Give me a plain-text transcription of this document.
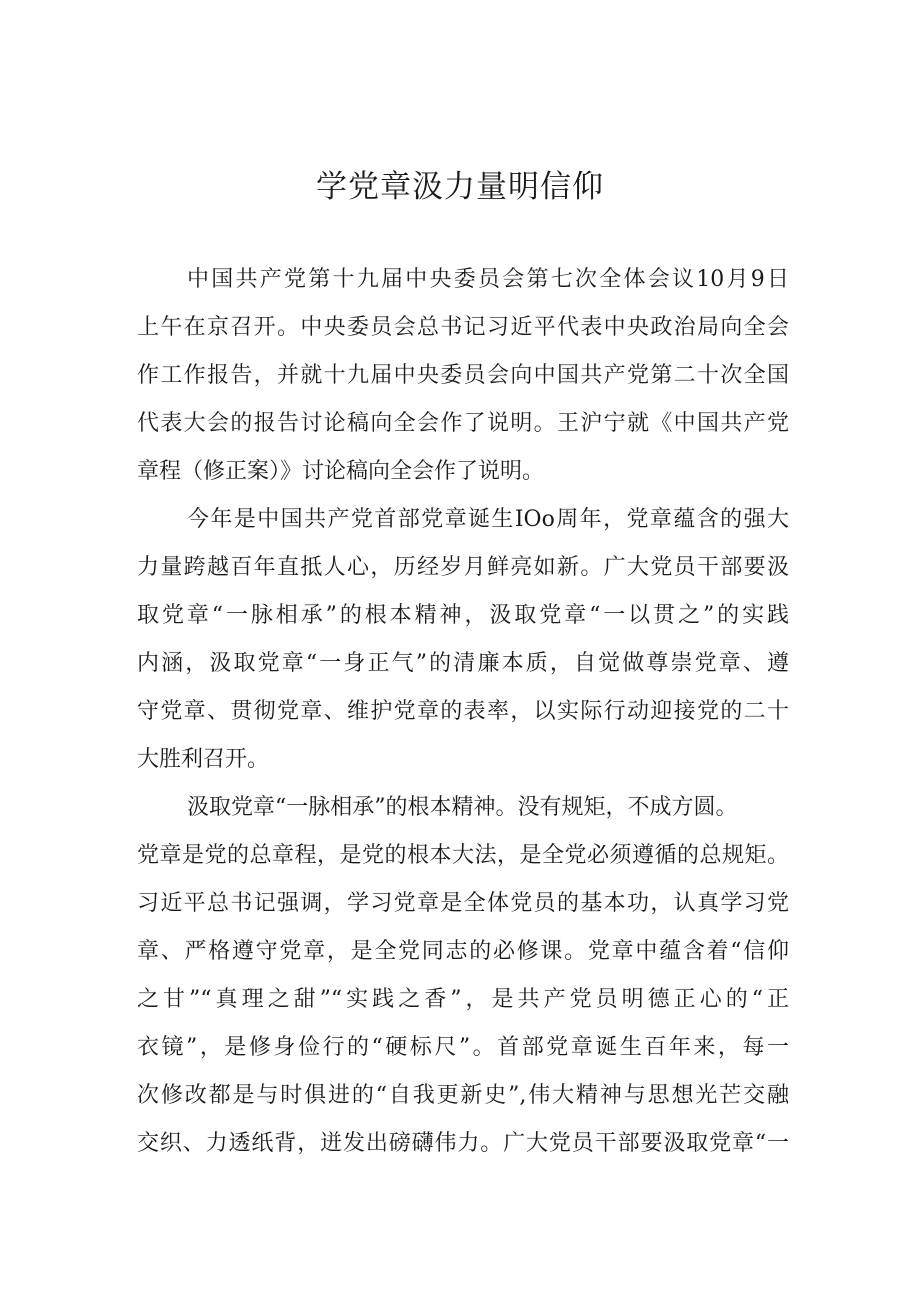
学党章汲力量明信仰
中国共产党第十九届中央委员会第七次全体会议10月9日
上午在京召开。中央委员会总书记习近平代表中央政治局向全会
作工作报告，并就十九届中央委员会向中国共产党第二十次全国
代表大会的报告讨论稿向全会作了说明。王沪宁就《中国共产党
章程（修正案）》讨论稿向全会作了说明。
今年是中国共产党首部党章诞生IOo周年，党章蕴含的强大
力量跨越百年直抵人心，历经岁月鲜亮如新。广大党员干部要汲
取党章“一脉相承”的根本精神，汲取党章“一以贯之”的实践
内涵，汲取党章“一身正气”的清廉本质，自觉做尊崇党章、遵
守党章、贯彻党章、维护党章的表率，以实际行动迎接党的二十
大胜利召开。
汲取党章“一脉相承”的根本精神。没有规矩，不成方圆。
党章是党的总章程，是党的根本大法，是全党必须遵循的总规矩。
习近平总书记强调，学习党章是全体党员的基本功，认真学习党
章、严格遵守党章，是全党同志的必修课。党章中蕴含着“信仰
之甘”“真理之甜”“实践之香”，是共产党员明德正心的“正
衣镜”，是修身俭行的“硬标尺”。首部党章诞生百年来，每一
次修改都是与时俱进的“自我更新史”,伟大精神与思想光芒交融
交织、力透纸背，迸发出磅礴伟力。广大党员干部要汲取党章“一
